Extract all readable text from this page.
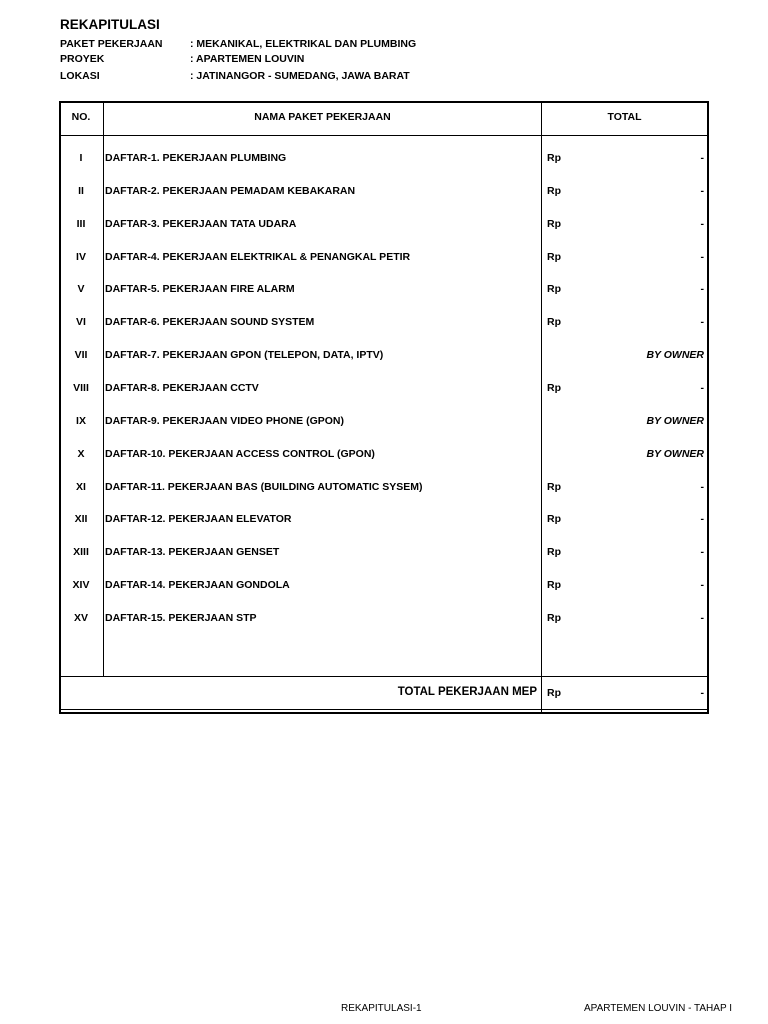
REKAPITULASI
PAKET PEKERJAAN	: MEKANIKAL, ELEKTRIKAL DAN PLUMBING
PROYEK	: APARTEMEN LOUVIN
LOKASI	: JATINANGOR - SUMEDANG, JAWA BARAT
NO.	NAMA PAKET PEKERJAAN	TOTAL
I	DAFTAR-1. PEKERJAAN PLUMBING	Rp	-
II	DAFTAR-2. PEKERJAAN PEMADAM KEBAKARAN	Rp	-
III	DAFTAR-3. PEKERJAAN TATA UDARA	Rp	-
IV	DAFTAR-4. PEKERJAAN ELEKTRIKAL & PENANGKAL PETIR	Rp	-
V	DAFTAR-5. PEKERJAAN FIRE ALARM	Rp	-
VI	DAFTAR-6. PEKERJAAN SOUND SYSTEM	Rp	-
VII	DAFTAR-7. PEKERJAAN GPON (TELEPON, DATA, IPTV)	BY OWNER
VIII	DAFTAR-8. PEKERJAAN CCTV	Rp	-
IX	DAFTAR-9. PEKERJAAN VIDEO PHONE (GPON)	BY OWNER
X	DAFTAR-10. PEKERJAAN ACCESS CONTROL (GPON)	BY OWNER
XI	DAFTAR-11. PEKERJAAN BAS (BUILDING AUTOMATIC SYSEM)	Rp	-
XII	DAFTAR-12. PEKERJAAN ELEVATOR	Rp	-
XIII	DAFTAR-13. PEKERJAAN GENSET	Rp	-
XIV	DAFTAR-14. PEKERJAAN GONDOLA	Rp	-
XV	DAFTAR-15. PEKERJAAN STP	Rp	-
TOTAL PEKERJAAN MEP Rp	-
REKAPITULASI-1	APARTEMEN LOUVIN - TAHAP I
